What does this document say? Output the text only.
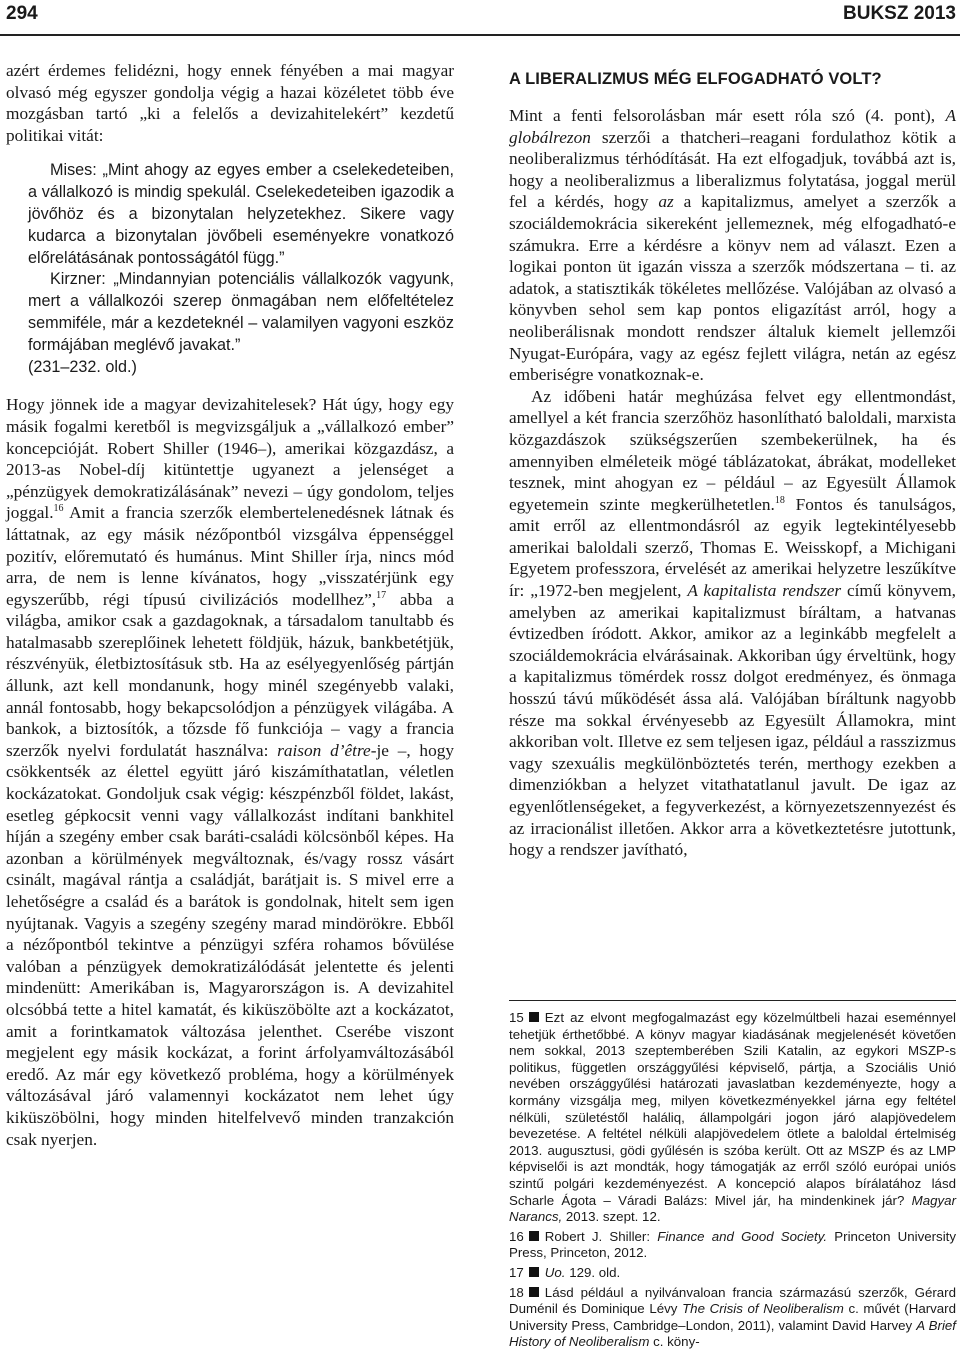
294	BUKSZ 2013

azért érdemes felidézni, hogy ennek fényében a mai magyar olvasó még egyszer gondolja végig a hazai közéletet több éve mozgásban tartó „ki a felelős a devizahitelekért” kezdetű politikai vitát:

Mises: „Mint ahogy az egyes ember a cselekedeteiben, a vállalkozó is mindig spekulál. Cselekedeteiben igazodik a jövőhöz és a bizonytalan helyzetekhez. Sikere vagy kudarca a bizonytalan jövőbeli eseményekre vonatkozó előrelátásának pontosságától függ.”

Kirzner: „Mindannyian potenciális vállalkozók vagyunk, mert a vállalkozói szerep önmagában nem előfeltételez semmiféle, már a kezdeteknél – valamilyen vagyoni eszköz formájában meglévő javakat.”

(231–232. old.)

Hogy jönnek ide a magyar devizahitelesek? Hát úgy, hogy egy másik fogalmi keretből is megvizsgáljuk a „vállalkozó ember” koncepcióját. Robert Shiller (1946–), amerikai közgazdász, a 2013-as Nobel-díj kitüntettje ugyanezt a jelenséget a „pénzügyek demokratizálásának” nevezi – úgy gondolom, teljes joggal.$^{16}$ Amit a francia szerzők elembertelenedésnek látnak és láttatnak, az egy másik nézőpontból vizsgálva éppenséggel pozitív, előremutató és humánus. Mint Shiller írja, nincs mód arra, de nem is lenne kívánatos, hogy „visszatérjünk egy egyszerűbb, régi típusú civilizációs modellhez”,$^{17}$ abba a világba, amikor csak a gazdagoknak, a társadalom tanultabb és hatalmasabb szereplőinek lehetett földjük, házuk, bankbetétjük, részvényük, életbiztosításuk stb. Ha az esélyegyenlőség pártján állunk, azt kell mondanunk, hogy minél szegényebb valaki, annál fontosabb, hogy bekapcsolódjon a pénzügyek világába. A bankok, a biztosítók, a tőzsde fő funkciója – vagy a francia szerzők nyelvi fordulatát használva: raison d’être-je –, hogy csökkentsék az élettel együtt járó kiszámíthatatlan, véletlen kockázatokat. Gondoljuk csak végig: készpénzből földet, lakást, esetleg gépkocsit venni vagy vállalkozást indítani bankhitel híján a szegény ember csak baráti-családi kölcsönből képes. Ha azonban a körülmények megváltoznak, és/vagy rossz vásárt csinált, magával rántja a családját, barátjait is. S mivel erre a lehetőségre a család és a barátok is gondolnak, hitelt sem igen nyújtanak. Vagyis a szegény szegény marad mindörökre. Ebből a nézőpontból tekintve a pénzügyi szféra rohamos bővülése valóban a pénzügyek demokratizálódását jelentette és jelenti mindenütt: Amerikában is, Magyarországon is. A devizahitel olcsóbbá tette a hitel kamatát, és kiküszöbölte azt a kockázatot, amit a forintkamatok változása jelenthet. Cserébe viszont megjelent egy másik kockázat, a forint árfolyamváltozásából eredő. Az már egy következő probléma, hogy a körülmények változásával járó valamennyi kockázatot nem lehet úgy kiküszöbölni, hogy minden hitelfelvevő minden tranzakción csak nyerjen.

A LIBERALIZMUS MÉG ELFOGADHATÓ VOLT?

Mint a fenti felsorolásban már esett róla szó (4. pont), A globálrezon szerzői a thatcheri–reagani fordulathoz kötik a neoliberalizmus térhódítását. Ha ezt elfogadjuk, továbbá azt is, hogy a neoliberalizmus a liberalizmus folytatása, joggal merül fel a kérdés, hogy az a kapitalizmus, amelyet a szerzők a szociáldemokrácia sikereként jellemeznek, még elfogadható-e számukra. Erre a kérdésre a könyv nem ad választ. Ezen a logikai ponton üt igazán vissza a szerzők módszertana – ti. az adatok, a statisztikák tökéletes mellőzése. Valójában az olvasó a könyvben sehol sem kap pontos eligazítást arról, hogy a neoliberálisnak mondott rendszer általuk kiemelt jellemzői Nyugat-Európára, vagy az egész fejlett világra, netán az egész emberiségre vonatkoznak-e.

Az időbeni határ meghúzása felvet egy ellentmondást, amellyel a két francia szerzőhöz hasonlítható baloldali, marxista közgazdászok szükségszerűen szembekerülnek, ha és amennyiben elméleteik mögé táblázatokat, ábrákat, modelleket tesznek, mint ahogyan ez – például – az Egyesült Államok egyetemein szinte megkerülhetetlen.$^{18}$ Fontos és tanulságos, amit erről az ellentmondásról az egyik legtekintélyesebb amerikai baloldali szerző, Thomas E. Weisskopf, a Michigani Egyetem professzora, érvelését az amerikai helyzetre leszűkítve ír: „1972-ben megjelent, A kapitalista rendszer című könyvem, amelyben az amerikai kapitalizmust bíráltam, a hatvanas évtizedben íródott. Akkor, amikor az a leginkább megfelelt a szociáldemokrácia elvárásainak. Akkoriban úgy érveltünk, hogy a kapitalizmus tömérdek rossz dolgot eredményez, és önmaga hosszú távú működését ássa alá. Valójában bíráltunk nagyobb része ma sokkal érvényesebb az Egyesült Államokra, mint akkoriban volt. Illetve ez sem teljesen igaz, például a rasszizmus vagy szexuális megkülönböztetés terén, merthogy ezekben a dimenziókban a helyzet vitathatatlanul javult. De igaz az egyenlőtlenségeket, a fegyverkezést, a környezetszennyezést és az irracionálist illetően. Akkor arra a következtetésre jutottunk, hogy a rendszer javítható,

15 Ezt az elvont megfogalmazást egy közelmúltbeli hazai eseménnyel tehetjük érthetőbbé. A könyv magyar kiadásának megjelenését követően nem sokkal, 2013 szeptemberében Szili Katalin, az egykori MSZP-s politikus, független országgyűlési képviselő, pártja, a Szociális Unió nevében országgyűlési határozati javaslatban kezdeményezte, hogy a kormány vizsgálja meg, milyen következményekkel járna egy feltétel nélküli, születéstől haláliq, állampolgári jogon járó alapjövedelem bevezetése. A feltétel nélküli alapjövedelem ötlete a baloldal értelmiség 2013. augusztusi, gödi gyűlésén is szóba került. Ott az MSZP és az LMP képviselői is azt mondták, hogy támogatják az erről szóló európai uniós szintű polgári kezdeményezést. A koncepció alapos bírálatához lásd Scharle Ágota – Váradi Balázs: Mivel jár, ha mindenkinek jár? Magyar Narancs, 2013. szept. 12.

16 Robert J. Shiller: Finance and Good Society. Princeton University Press, Princeton, 2012.

17 Uo. 129. old.

18 Lásd például a nyilvánvaloan francia származású szerzők, Gérard Duménil és Dominique Lévy The Crisis of Neoliberalism c. művét (Harvard University Press, Cambridge–London, 2011), valamint David Harvey A Brief History of Neoliberalism c. köny-
